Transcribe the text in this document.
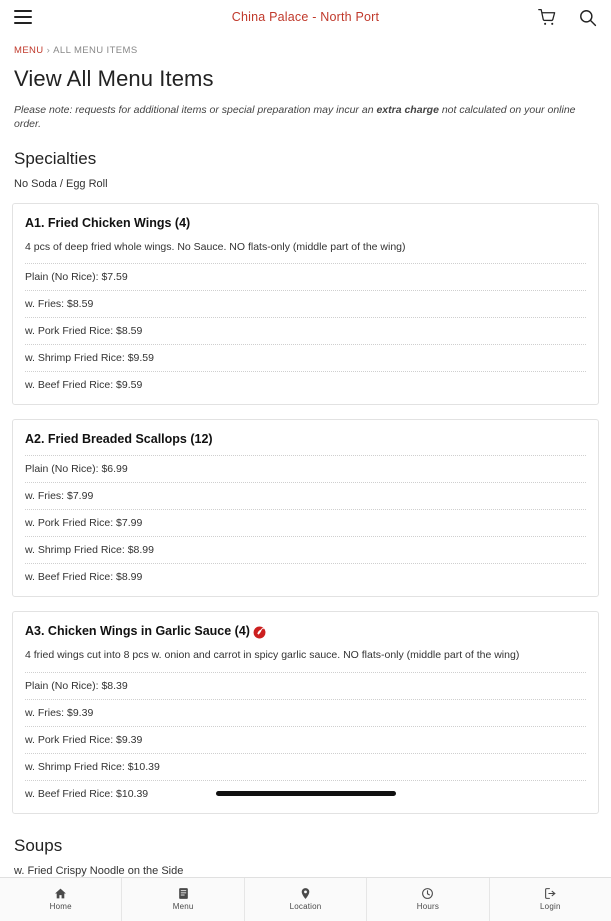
China Palace - North Port
MENU › ALL MENU ITEMS
View All Menu Items
Please note: requests for additional items or special preparation may incur an extra charge not calculated on your online order.
Specialties
No Soda / Egg Roll
A1. Fried Chicken Wings (4)
4 pcs of deep fried whole wings. No Sauce. NO flats-only (middle part of the wing)
Plain (No Rice): $7.59
w. Fries: $8.59
w. Pork Fried Rice: $8.59
w. Shrimp Fried Rice: $9.59
w. Beef Fried Rice: $9.59
A2. Fried Breaded Scallops (12)
Plain (No Rice): $6.99
w. Fries: $7.99
w. Pork Fried Rice: $7.99
w. Shrimp Fried Rice: $8.99
w. Beef Fried Rice: $8.99
A3. Chicken Wings in Garlic Sauce (4)
4 fried wings cut into 8 pcs w. onion and carrot in spicy garlic sauce. NO flats-only (middle part of the wing)
Plain (No Rice): $8.39
w. Fries: $9.39
w. Pork Fried Rice: $9.39
w. Shrimp Fried Rice: $10.39
w. Beef Fried Rice: $10.39
Soups
w. Fried Crispy Noodle on the Side
Home	Menu	Location	Hours	Login
